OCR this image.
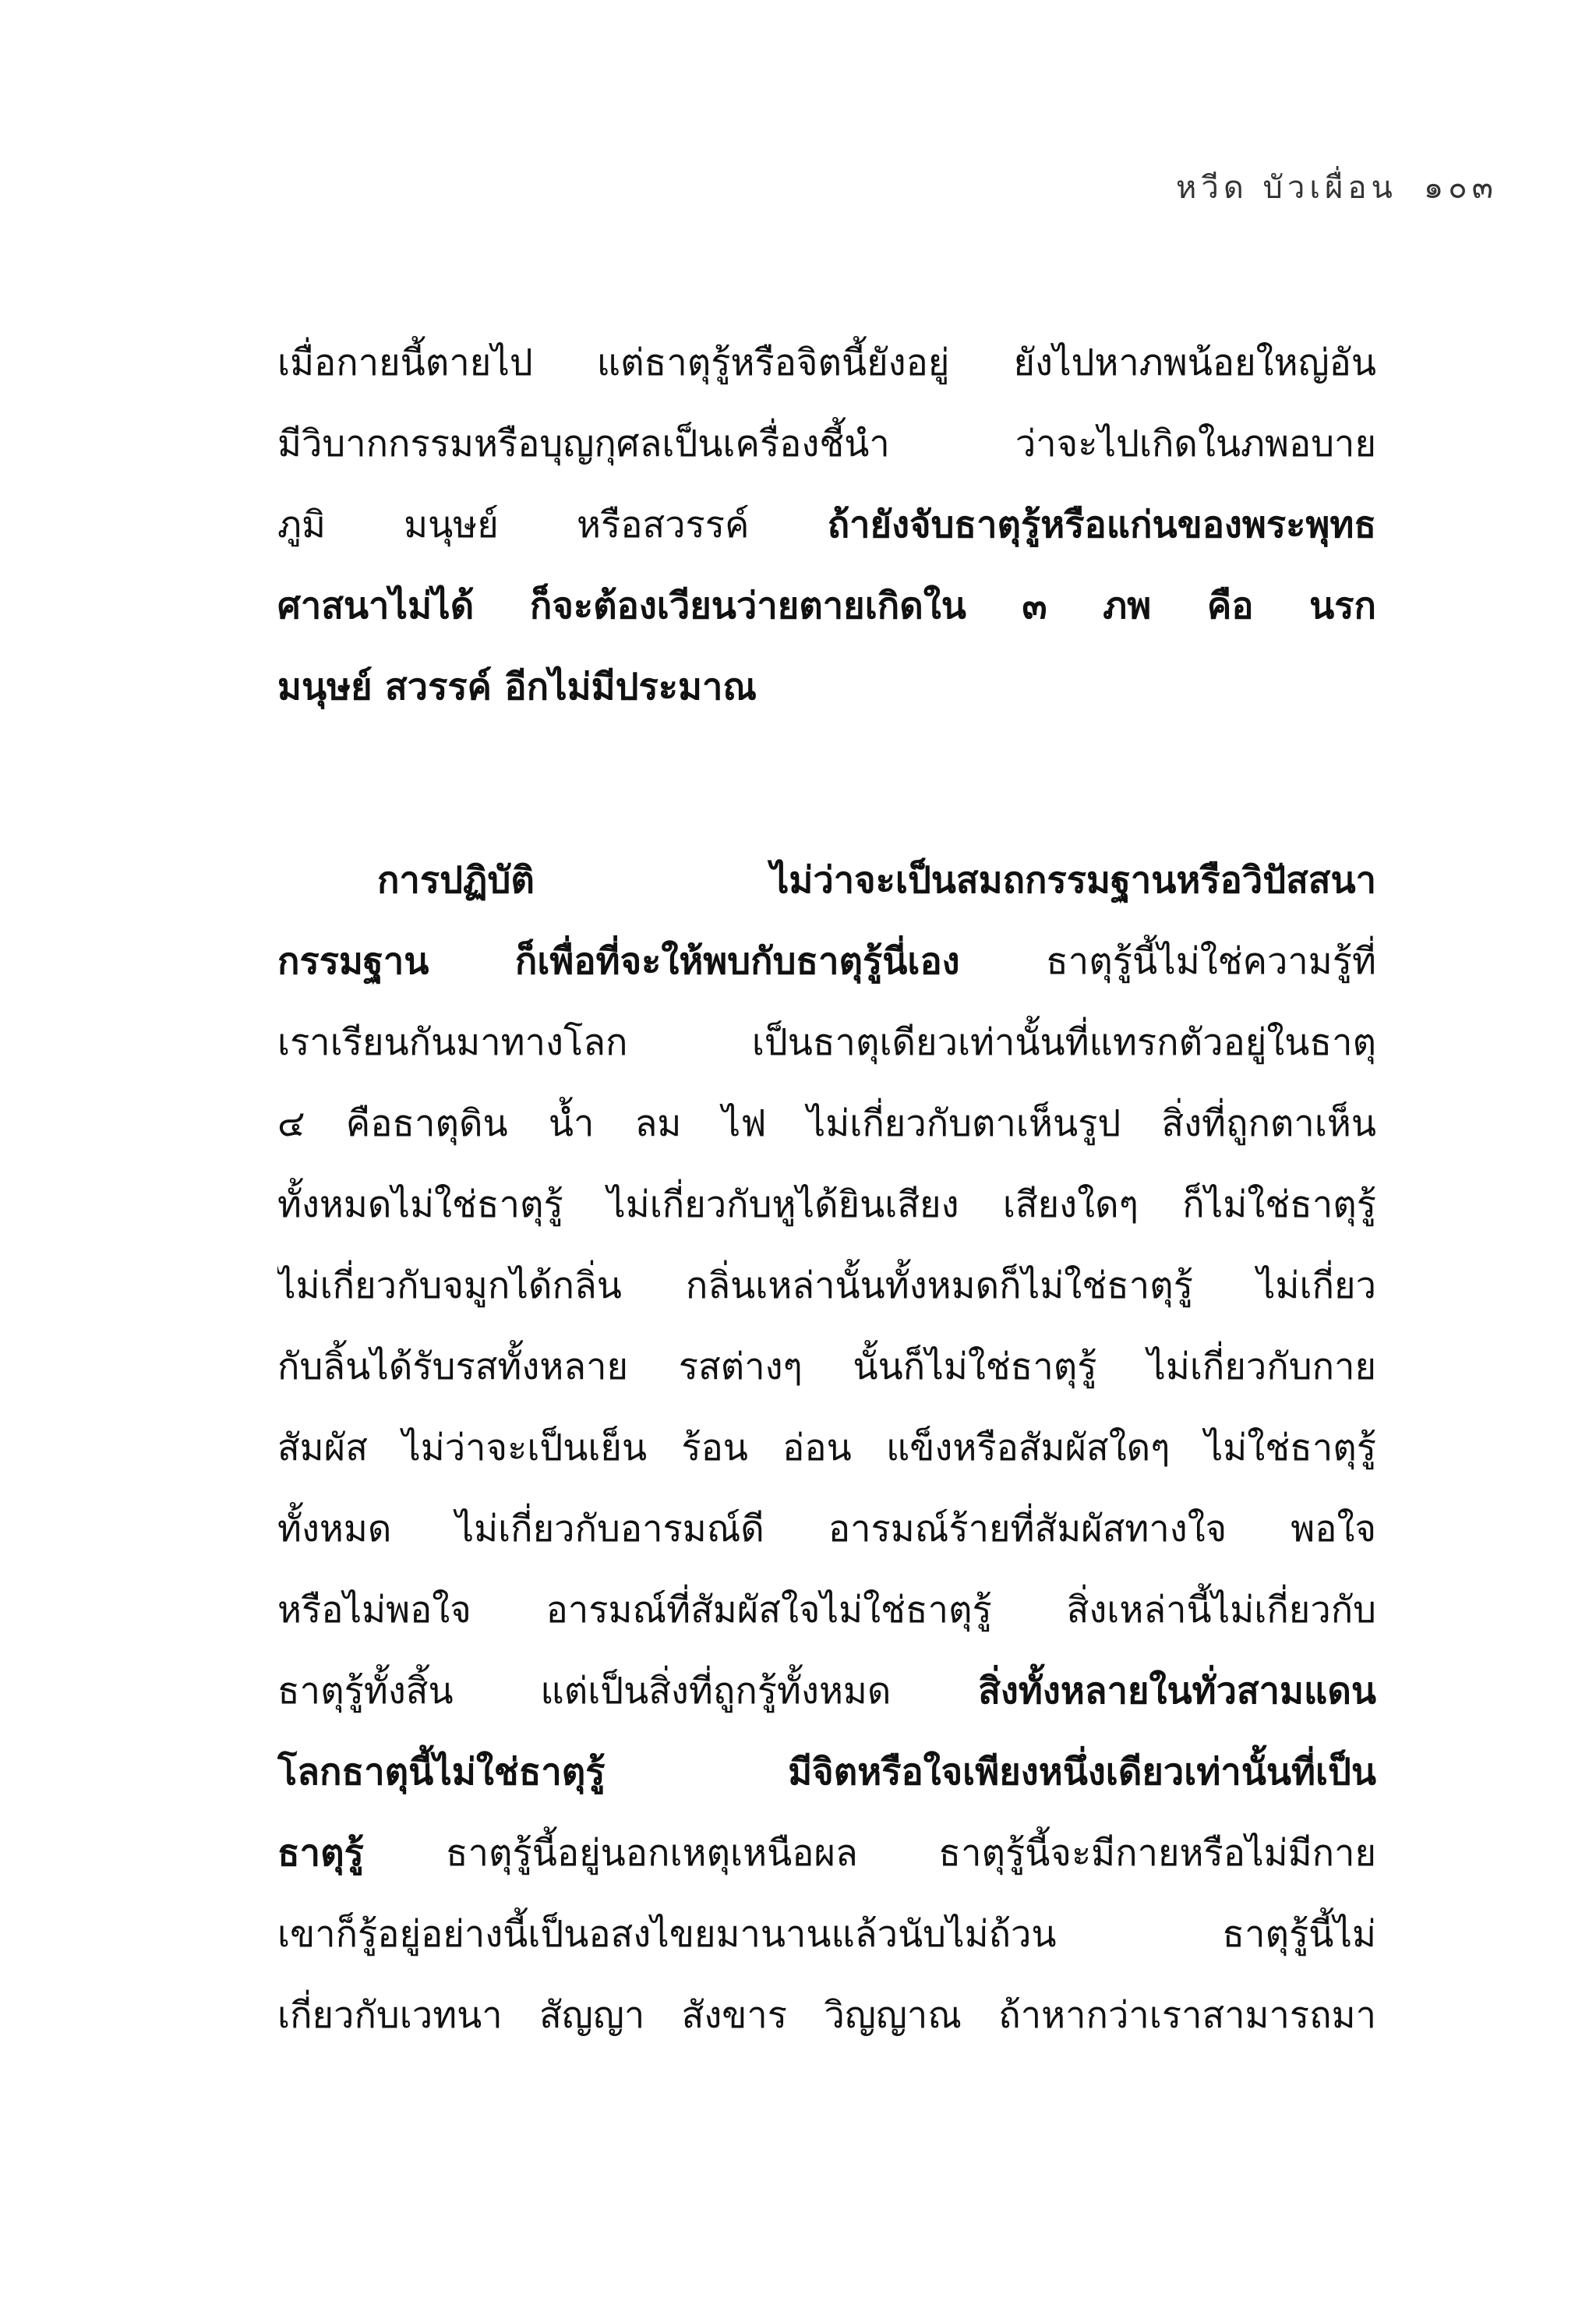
หวีด บัวเผื่อน ๑๐๓
เมื่อกายนี้ตายไป แต่ธาตุรู้หรือจิตนี้ยังอยู่ ยังไปหาภพน้อยใหญ่อัน
มีวิบากกรรมหรือบุญกุศลเป็นเครื่องชี้นำ ว่าจะไปเกิดในภพอบาย
ภูมิ มนุษย์ หรือสวรรค์ ถ้ายังจับธาตุรู้หรือแก่นของพระพุทธ
ศาสนาไม่ได้ ก็จะต้องเวียนว่ายตายเกิดใน ๓ ภพ คือ นรก
มนุษย์ สวรรค์ อีกไม่มีประมาณ
การปฏิบัติ ไม่ว่าจะเป็นสมถกรรมฐานหรือวิปัสสนา
กรรมฐาน ก็เพื่อที่จะให้พบกับธาตุรู้นี่เอง ธาตุรู้นี้ไม่ใช่ความรู้ที่
เราเรียนกันมาทางโลก เป็นธาตุเดียวเท่านั้นที่แทรกตัวอยู่ในธาตุ
๔ คือธาตุดิน น้ำ ลม ไฟ ไม่เกี่ยวกับตาเห็นรูป สิ่งที่ถูกตาเห็น
ทั้งหมดไม่ใช่ธาตุรู้ ไม่เกี่ยวกับหูได้ยินเสียง เสียงใดๆ ก็ไม่ใช่ธาตุรู้
ไม่เกี่ยวกับจมูกได้กลิ่น กลิ่นเหล่านั้นทั้งหมดก็ไม่ใช่ธาตุรู้ ไม่เกี่ยว
กับลิ้นได้รับรสทั้งหลาย รสต่างๆ นั้นก็ไม่ใช่ธาตุรู้ ไม่เกี่ยวกับกาย
สัมผัส ไม่ว่าจะเป็นเย็น ร้อน อ่อน แข็งหรือสัมผัสใดๆ ไม่ใช่ธาตุรู้
ทั้งหมด ไม่เกี่ยวกับอารมณ์ดี อารมณ์ร้ายที่สัมผัสทางใจ พอใจ
หรือไม่พอใจ อารมณ์ที่สัมผัสใจไม่ใช่ธาตุรู้ สิ่งเหล่านี้ไม่เกี่ยวกับ
ธาตุรู้ทั้งสิ้น แต่เป็นสิ่งที่ถูกรู้ทั้งหมด สิ่งทั้งหลายในทั่วสามแดน
โลกธาตุนี้ไม่ใช่ธาตุรู้ มีจิตหรือใจเพียงหนึ่งเดียวเท่านั้นที่เป็น
ธาตุรู้ ธาตุรู้นี้อยู่นอกเหตุเหนือผล ธาตุรู้นี้จะมีกายหรือไม่มีกาย
เขาก็รู้อยู่อย่างนี้เป็นอสงไขยมานานแล้วนับไม่ถ้วน ธาตุรู้นี้ไม่
เกี่ยวกับเวทนา สัญญา สังขาร วิญญาณ ถ้าหากว่าเราสามารถมา
